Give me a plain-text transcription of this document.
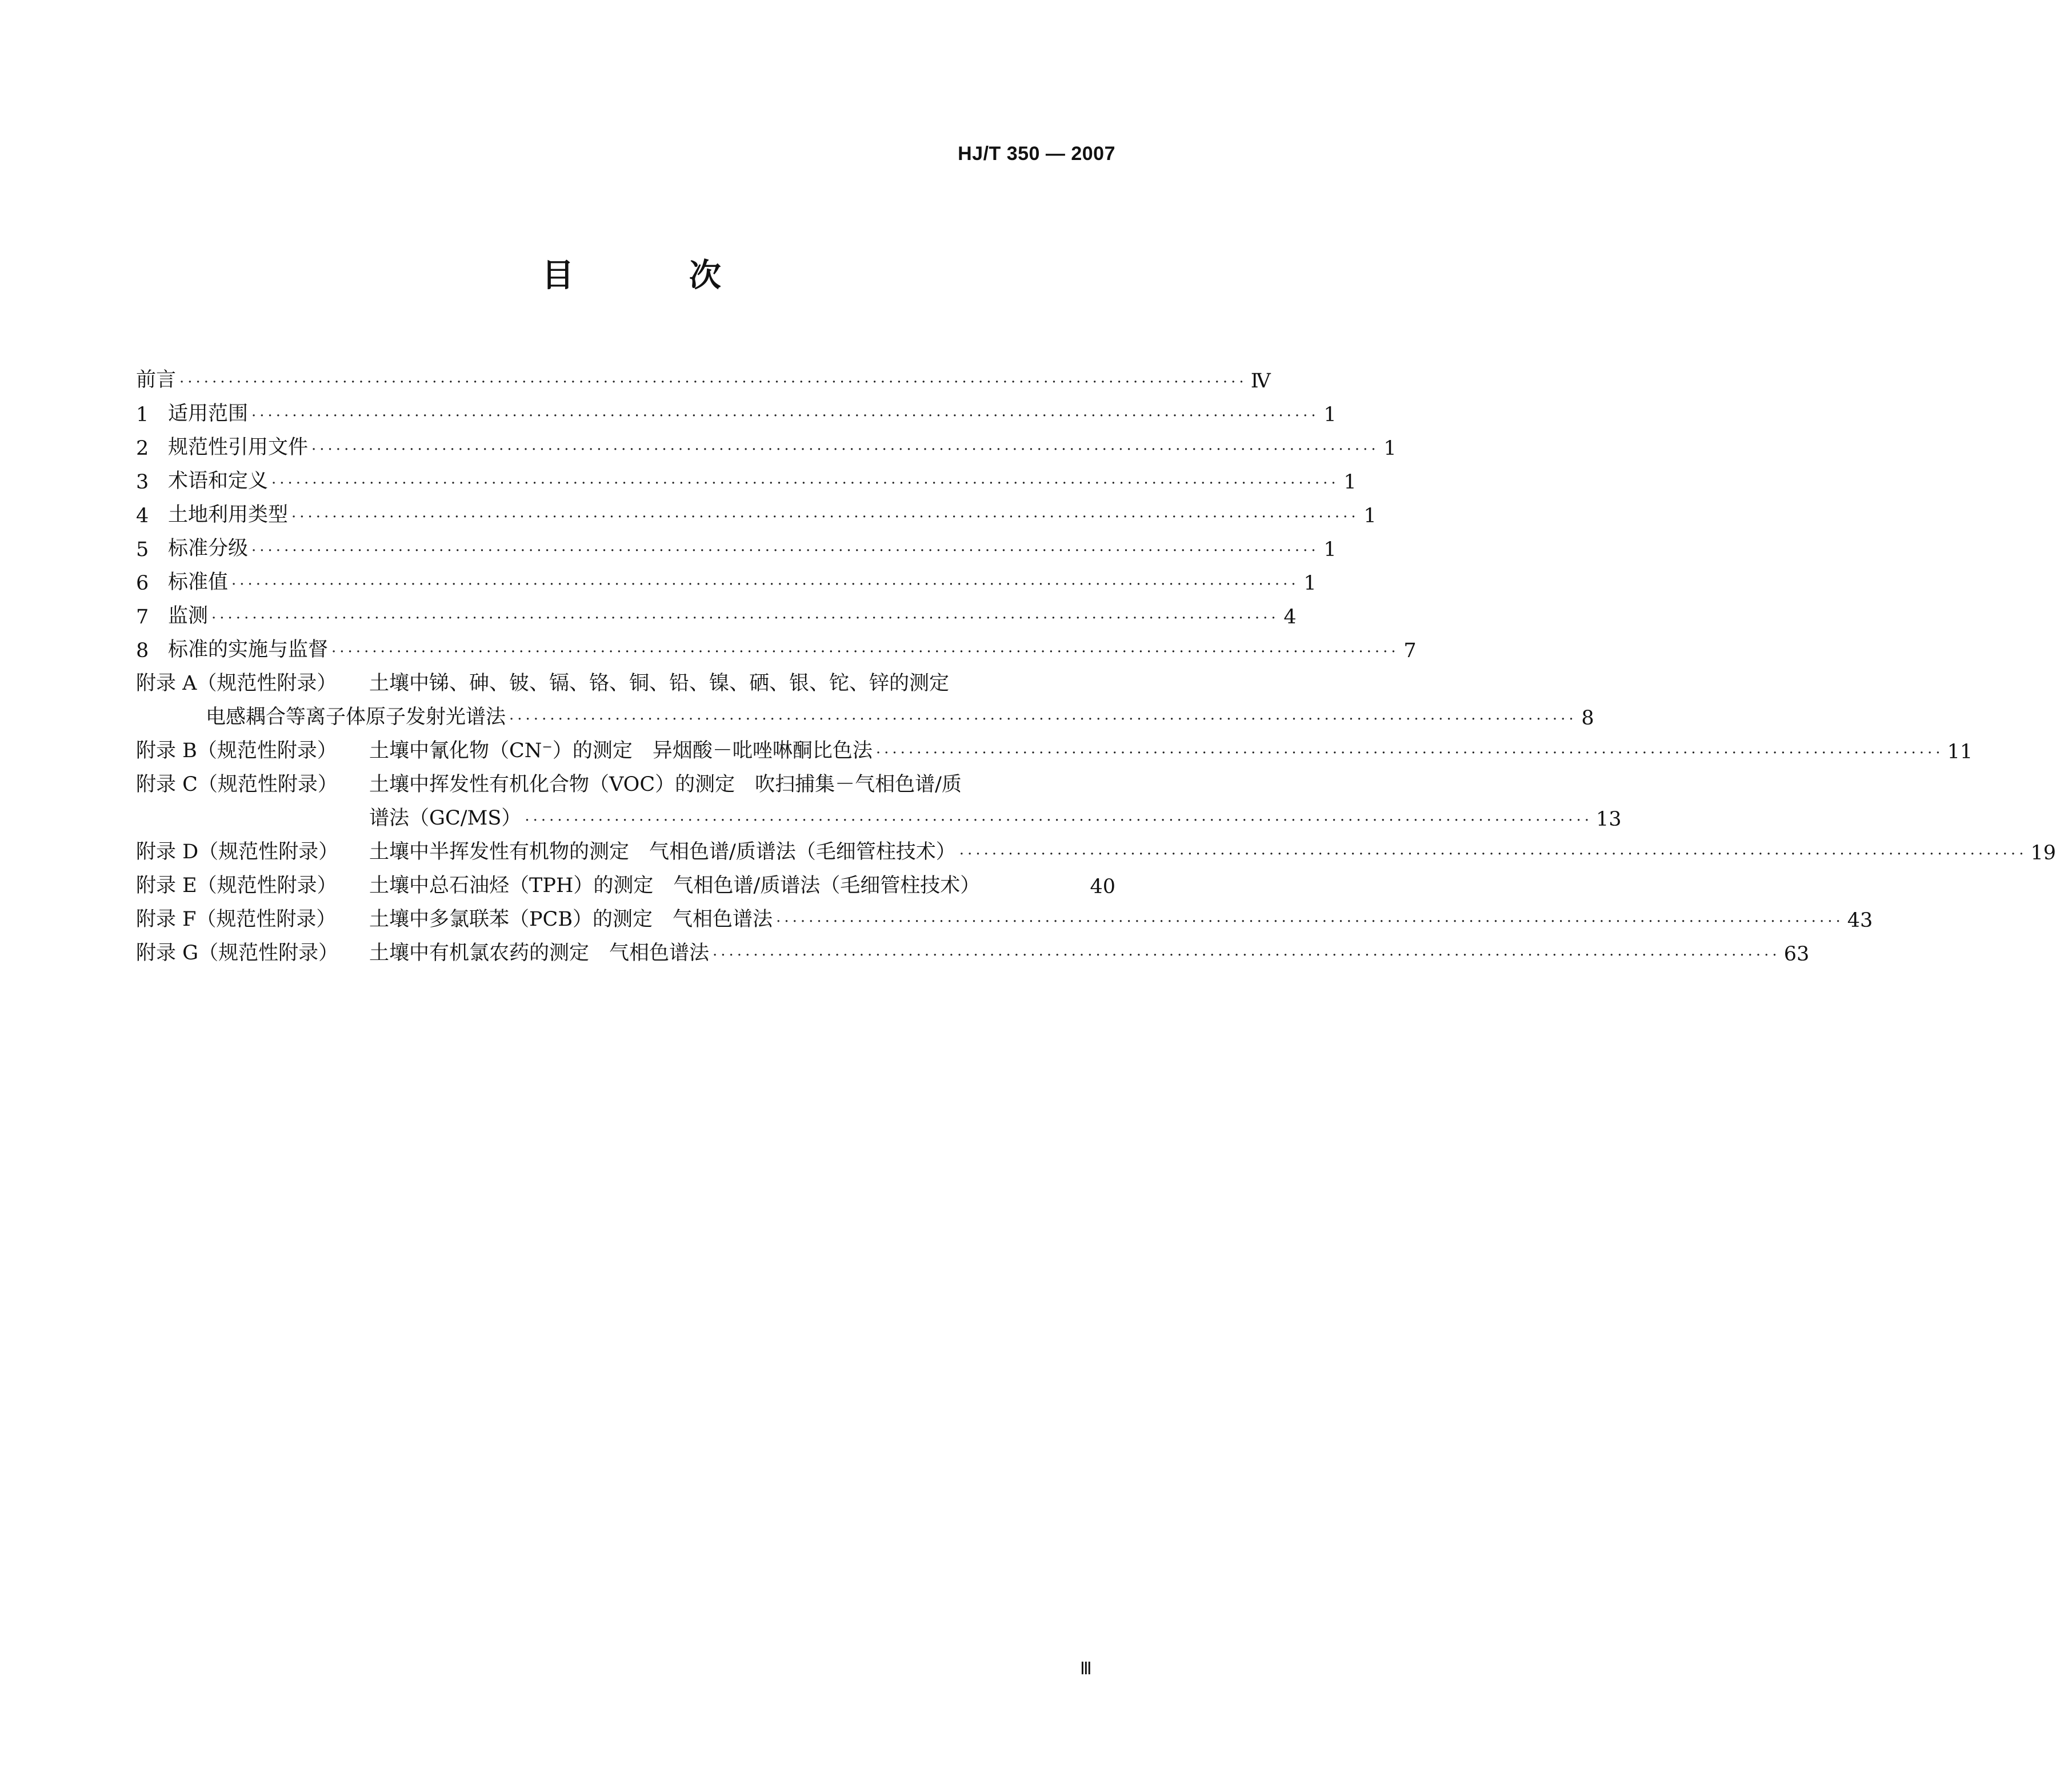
HJ/T 350 — 2007
目　次
前言 ··································································································································· Ⅳ
1 适用范围 ··································································································································· 1
2 规范性引用文件 ··································································································································· 1
3 术语和定义 ··································································································································· 1
4 土地利用类型 ··································································································································· 1
5 标准分级 ··································································································································· 1
6 标准值 ··································································································································· 1
7 监测 ··································································································································· 4
8 标准的实施与监督 ··································································································································· 7
附录 A（规范性附录）	土壤中锑、砷、铍、镉、铬、铜、铅、镍、硒、银、铊、锌的测定
电感耦合等离子体原子发射光谱法 ··································································································································· 8
附录 B（规范性附录）	土壤中氰化物（CN⁻）的测定　异烟酸－吡唑啉酮比色法 ··································································································································· 11
附录 C（规范性附录）	土壤中挥发性有机化合物（VOC）的测定　吹扫捕集－气相色谱/质
谱法（GC/MS） ··································································································································· 13
附录 D（规范性附录）	土壤中半挥发性有机物的测定　气相色谱/质谱法（毛细管柱技术） ··································································································································· 19
附录 E（规范性附录）	土壤中总石油烃（TPH）的测定　气相色谱/质谱法（毛细管柱技术）	40
附录 F（规范性附录）	土壤中多氯联苯（PCB）的测定　气相色谱法 ··································································································································· 43
附录 G（规范性附录）	土壤中有机氯农药的测定　气相色谱法 ··································································································································· 63
Ⅲ
